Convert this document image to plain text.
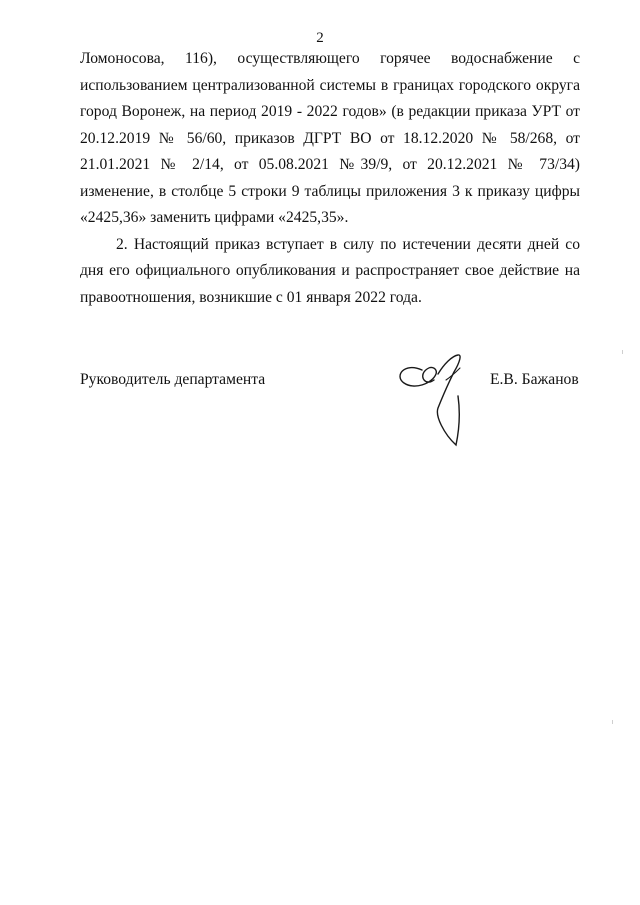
2

Ломоносова, 116), осуществляющего горячее водоснабжение с использованием централизованной системы в границах городского округа город Воронеж, на период 2019 - 2022 годов» (в редакции приказа УРТ от 20.12.2019 № 56/60, приказов ДГРТ ВО от 18.12.2020 № 58/268, от 21.01.2021 № 2/14, от 05.08.2021 №39/9, от 20.12.2021 № 73/34) изменение, в столбце 5 строки 9 таблицы приложения 3 к приказу цифры «2425,36» заменить цифрами «2425,35».

2. Настоящий приказ вступает в силу по истечении десяти дней со дня его официального опубликования и распространяет свое действие на правоотношения, возникшие с 01 января 2022 года.

Руководитель департамента	Е.В. Бажанов
